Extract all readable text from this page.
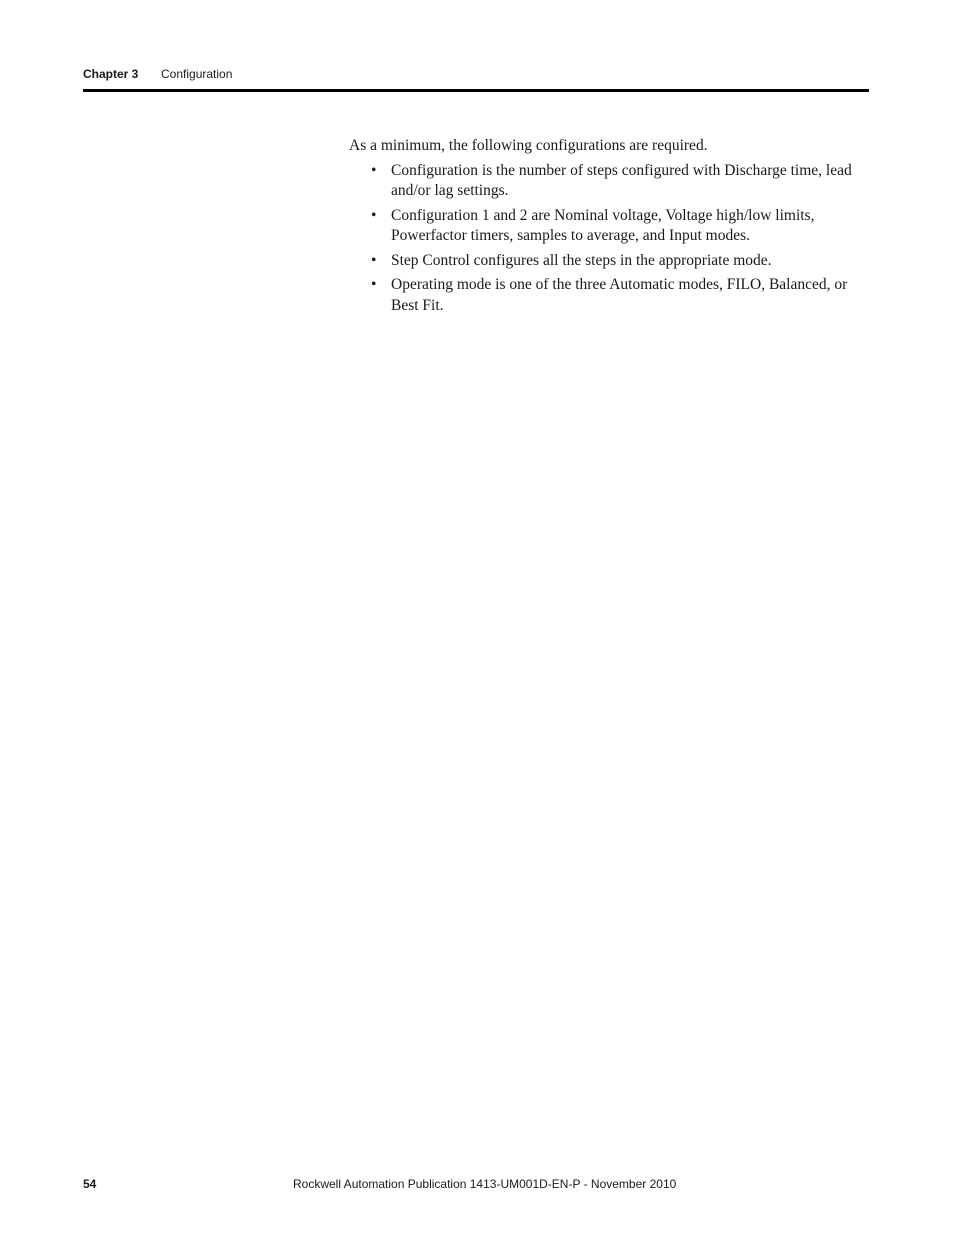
Chapter 3 Configuration

As a minimum, the following configurations are required.

• Configuration is the number of steps configured with Discharge time, lead and/or lag settings.
• Configuration 1 and 2 are Nominal voltage, Voltage high/low limits, Powerfactor timers, samples to average, and Input modes.
• Step Control configures all the steps in the appropriate mode.
• Operating mode is one of the three Automatic modes, FILO, Balanced, or Best Fit.
54	Rockwell Automation Publication 1413-UM001D-EN-P - November 2010
